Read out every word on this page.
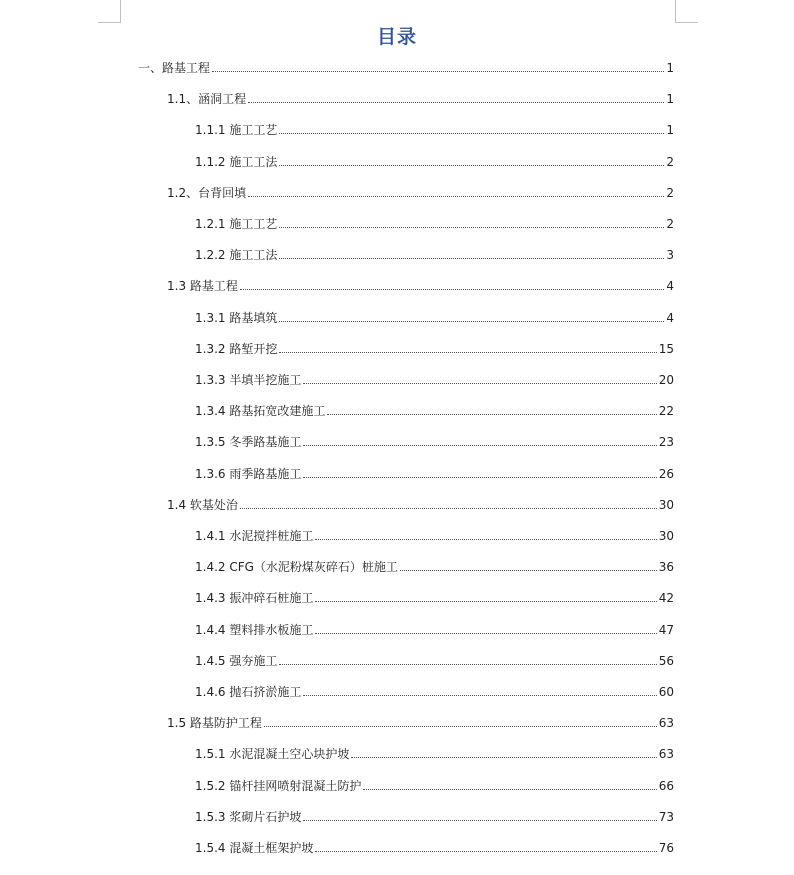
目录
一、路基工程	1
1.1、涵洞工程	1
1.1.1 施工工艺	1
1.1.2 施工工法	2
1.2、台背回填	2
1.2.1 施工工艺	2
1.2.2 施工工法	3
1.3 路基工程	4
1.3.1 路基填筑	4
1.3.2 路堑开挖	15
1.3.3 半填半挖施工	20
1.3.4 路基拓宽改建施工	22
1.3.5 冬季路基施工	23
1.3.6 雨季路基施工	26
1.4 软基处治	30
1.4.1 水泥搅拌桩施工	30
1.4.2 CFG（水泥粉煤灰碎石）桩施工	36
1.4.3 振冲碎石桩施工	42
1.4.4 塑料排水板施工	47
1.4.5 强夯施工	56
1.4.6 抛石挤淤施工	60
1.5 路基防护工程	63
1.5.1 水泥混凝土空心块护坡	63
1.5.2 锚杆挂网喷射混凝土防护	66
1.5.3 浆砌片石护坡	73
1.5.4 混凝土框架护坡	76
